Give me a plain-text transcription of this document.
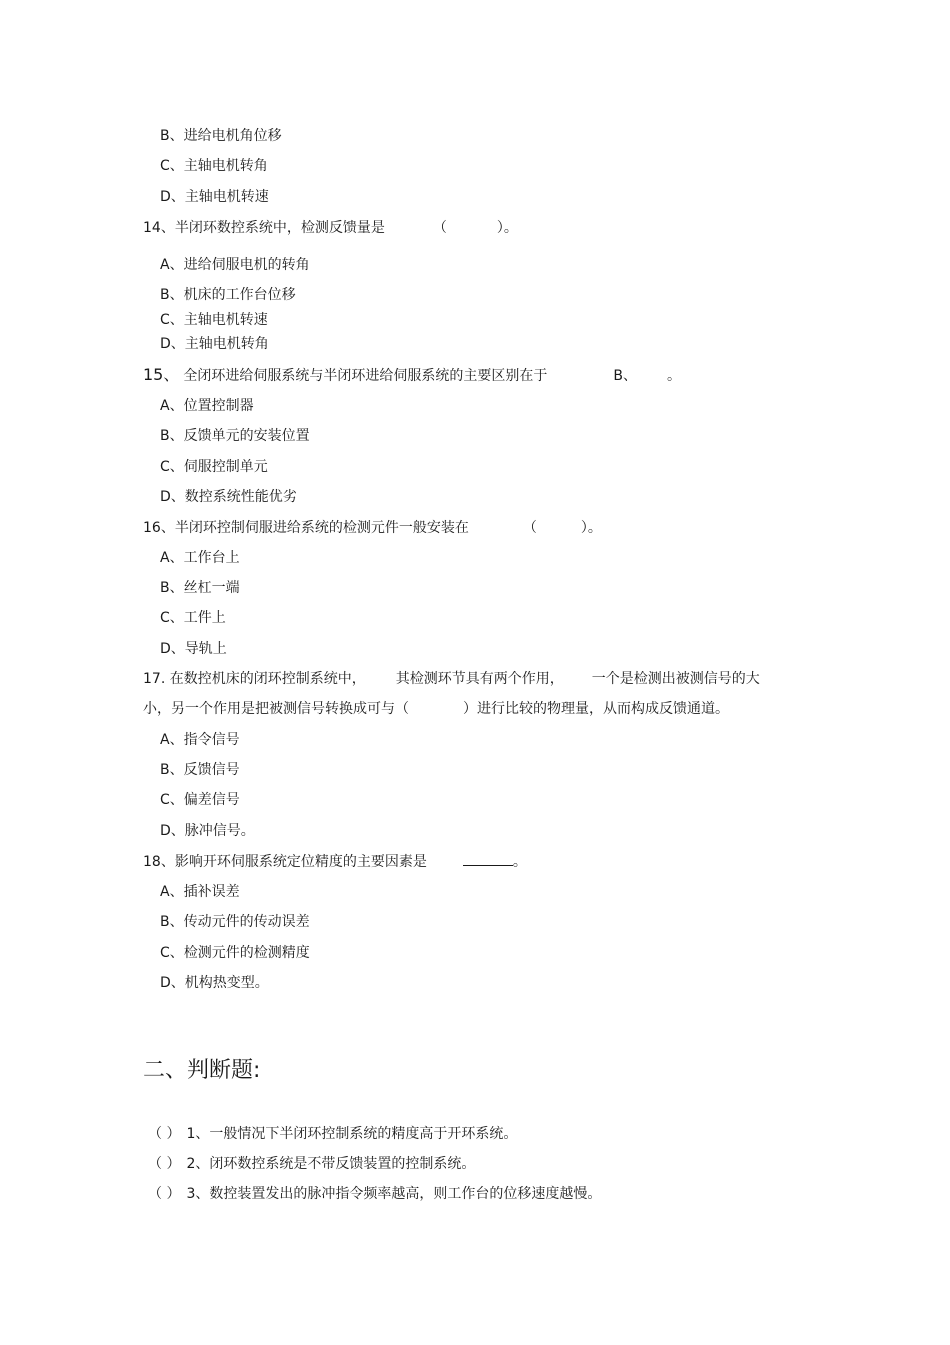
B、进给电机角位移
C、主轴电机转角
D、主轴电机转速
14、半闭环数控系统中，检测反馈量是	（	）。
A、进给伺服电机的转角
B、机床的工作台位移
C、主轴电机转速
D、主轴电机转角
15、 全闭环进给伺服系统与半闭环进给伺服系统的主要区别在于	B、 。
A、位置控制器
B、反馈单元的安装位置
C、伺服控制单元
D、数控系统性能优劣
16、半闭环控制伺服进给系统的检测元件一般安装在	（	）。
A、工作台上
B、丝杠一端
C、工件上
D、导轨上
17. 在数控机床的闭环控制系统中， 其检测环节具有两个作用， 一个是检测出被测信号的大
小，另一个作用是把被测信号转换成可与（	）进行比较的物理量，从而构成反馈通道。
A、指令信号
B、反馈信号
C、偏差信号
D、脉冲信号。
18、影响开环伺服系统定位精度的主要因素是	。
A、插补误差
B、传动元件的传动误差
C、检测元件的检测精度
D、机构热变型。
二、判断题:
（ ） 1、一般情况下半闭环控制系统的精度高于开环系统。
（ ） 2、闭环数控系统是不带反馈装置的控制系统。
（ ） 3、数控装置发出的脉冲指令频率越高，则工作台的位移速度越慢。
